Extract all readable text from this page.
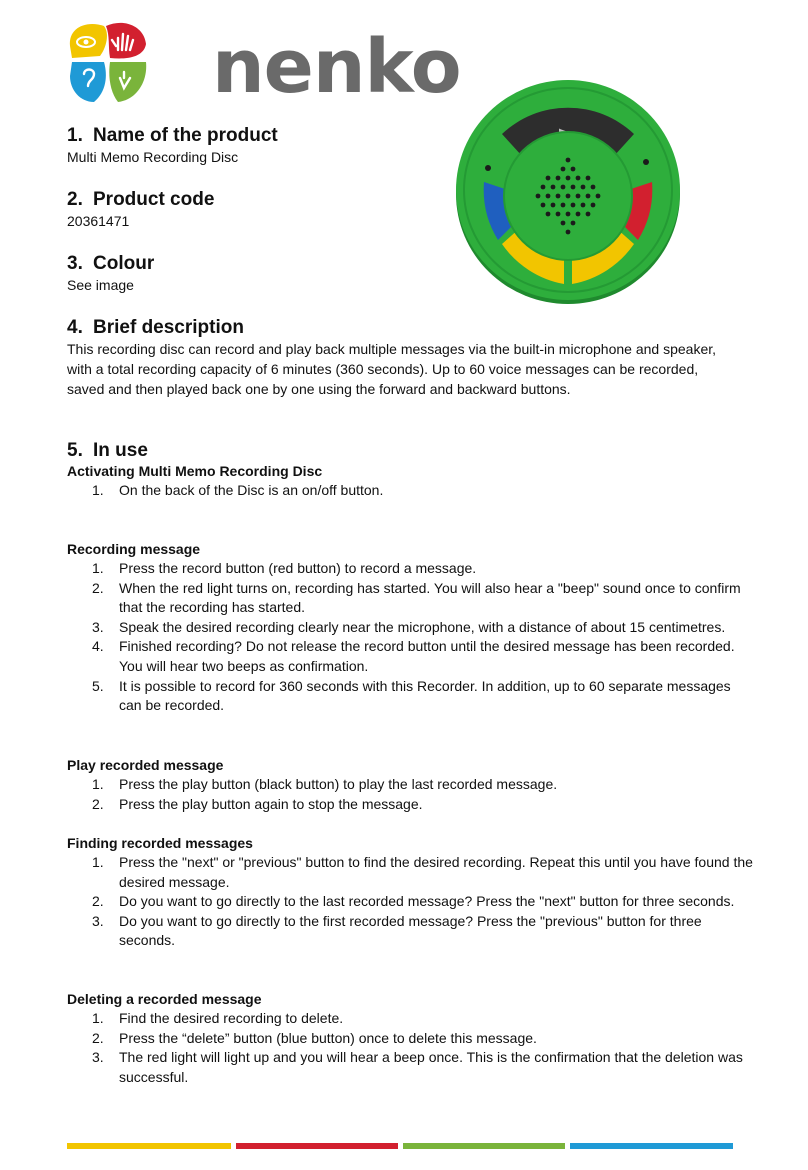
nenko
1. Name of the product

Multi Memo Recording Disc

2. Product code

20361471

3. Colour

See image

4. Brief description

This recording disc can record and play back multiple messages via the built-in microphone and speaker, with a total recording capacity of 6 minutes (360 seconds). Up to 60 voice messages can be recorded, saved and then played back one by one using the forward and backward buttons.

5. In use

Activating Multi Memo Recording Disc

1. On the back of the Disc is an on/off button.

Recording message

1. Press the record button (red button) to record a message.
2. When the red light turns on, recording has started. You will also hear a "beep" sound once to confirm that the recording has started.
3. Speak the desired recording clearly near the microphone, with a distance of about 15 centimetres.
4. Finished recording? Do not release the record button until the desired message has been recorded. You will hear two beeps as confirmation.
5. It is possible to record for 360 seconds with this Recorder. In addition, up to 60 separate messages can be recorded.

Play recorded message

1. Press the play button (black button) to play the last recorded message.
2. Press the play button again to stop the message.

Finding recorded messages

1. Press the "next" or "previous" button to find the desired recording. Repeat this until you have found the desired message.
2. Do you want to go directly to the last recorded message? Press the "next" button for three seconds.
3. Do you want to go directly to the first recorded message? Press the "previous" button for three seconds.

Deleting a recorded message

1. Find the desired recording to delete.
2. Press the “delete” button (blue button) once to delete this message.
3. The red light will light up and you will hear a beep once. This is the confirmation that the deletion was successful.
